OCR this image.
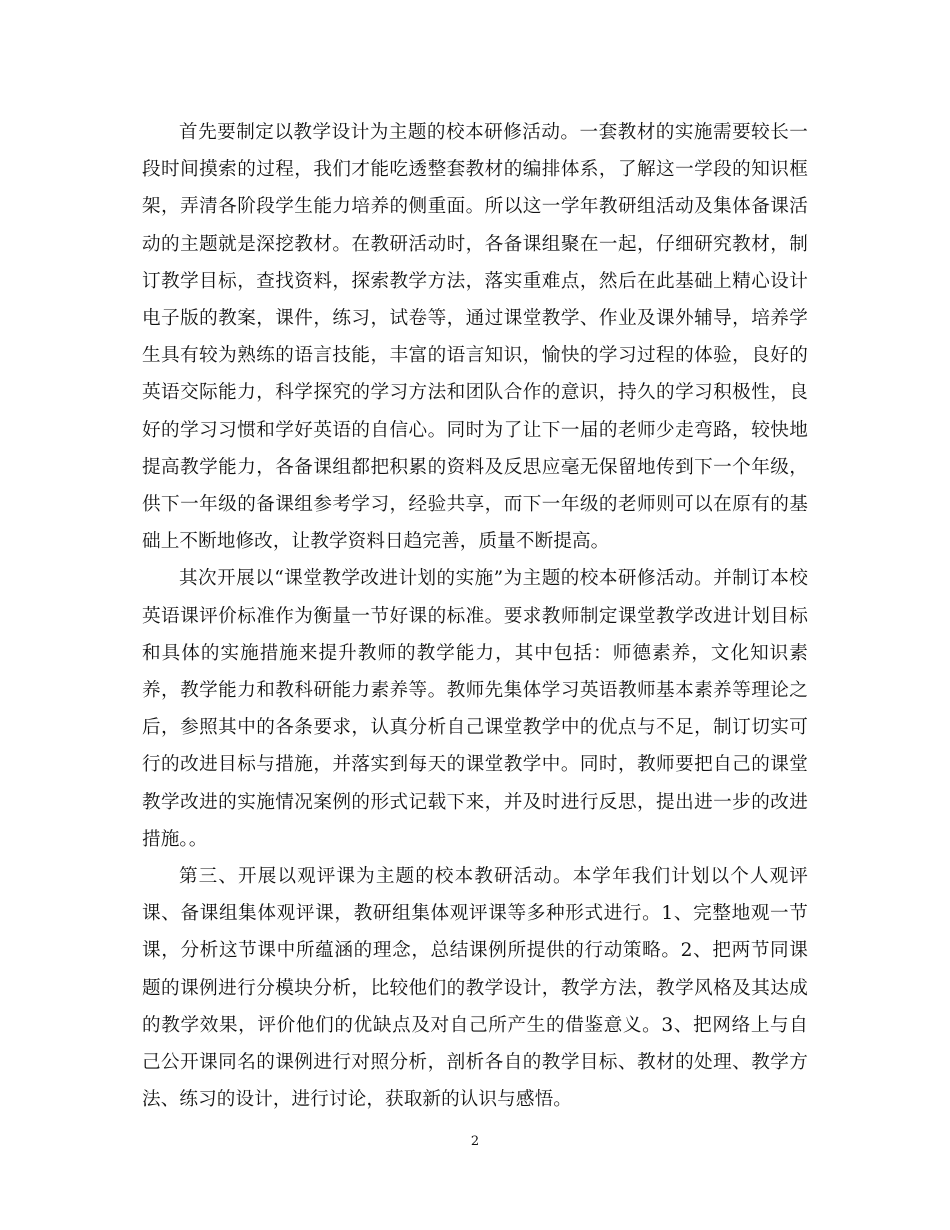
首先要制定以教学设计为主题的校本研修活动。一套教材的实施需要较长一段时间摸索的过程，我们才能吃透整套教材的编排体系，了解这一学段的知识框架，弄清各阶段学生能力培养的侧重面。所以这一学年教研组活动及集体备课活动的主题就是深挖教材。在教研活动时，各备课组聚在一起，仔细研究教材，制订教学目标，查找资料，探索教学方法，落实重难点，然后在此基础上精心设计电子版的教案，课件，练习，试卷等，通过课堂教学、作业及课外辅导，培养学生具有较为熟练的语言技能，丰富的语言知识，愉快的学习过程的体验，良好的英语交际能力，科学探究的学习方法和团队合作的意识，持久的学习积极性，良好的学习习惯和学好英语的自信心。同时为了让下一届的老师少走弯路，较快地提高教学能力，各备课组都把积累的资料及反思应毫无保留地传到下一个年级，供下一年级的备课组参考学习，经验共享，而下一年级的老师则可以在原有的基础上不断地修改，让教学资料日趋完善，质量不断提高。

其次开展以“课堂教学改进计划的实施”为主题的校本研修活动。并制订本校英语课评价标准作为衡量一节好课的标准。要求教师制定课堂教学改进计划目标和具体的实施措施来提升教师的教学能力，其中包括：师德素养，文化知识素养，教学能力和教科研能力素养等。教师先集体学习英语教师基本素养等理论之后，参照其中的各条要求，认真分析自己课堂教学中的优点与不足，制订切实可行的改进目标与措施，并落实到每天的课堂教学中。同时，教师要把自己的课堂教学改进的实施情况案例的形式记载下来，并及时进行反思，提出进一步的改进措施。。

第三、开展以观评课为主题的校本教研活动。本学年我们计划以个人观评课、备课组集体观评课，教研组集体观评课等多种形式进行。1、完整地观一节课，分析这节课中所蕴涵的理念，总结课例所提供的行动策略。2、把两节同课题的课例进行分模块分析，比较他们的教学设计，教学方法，教学风格及其达成的教学效果，评价他们的优缺点及对自己所产生的借鉴意义。3、把网络上与自己公开课同名的课例进行对照分析，剖析各自的教学目标、教材的处理、教学方法、练习的设计，进行讨论，获取新的认识与感悟。

2
